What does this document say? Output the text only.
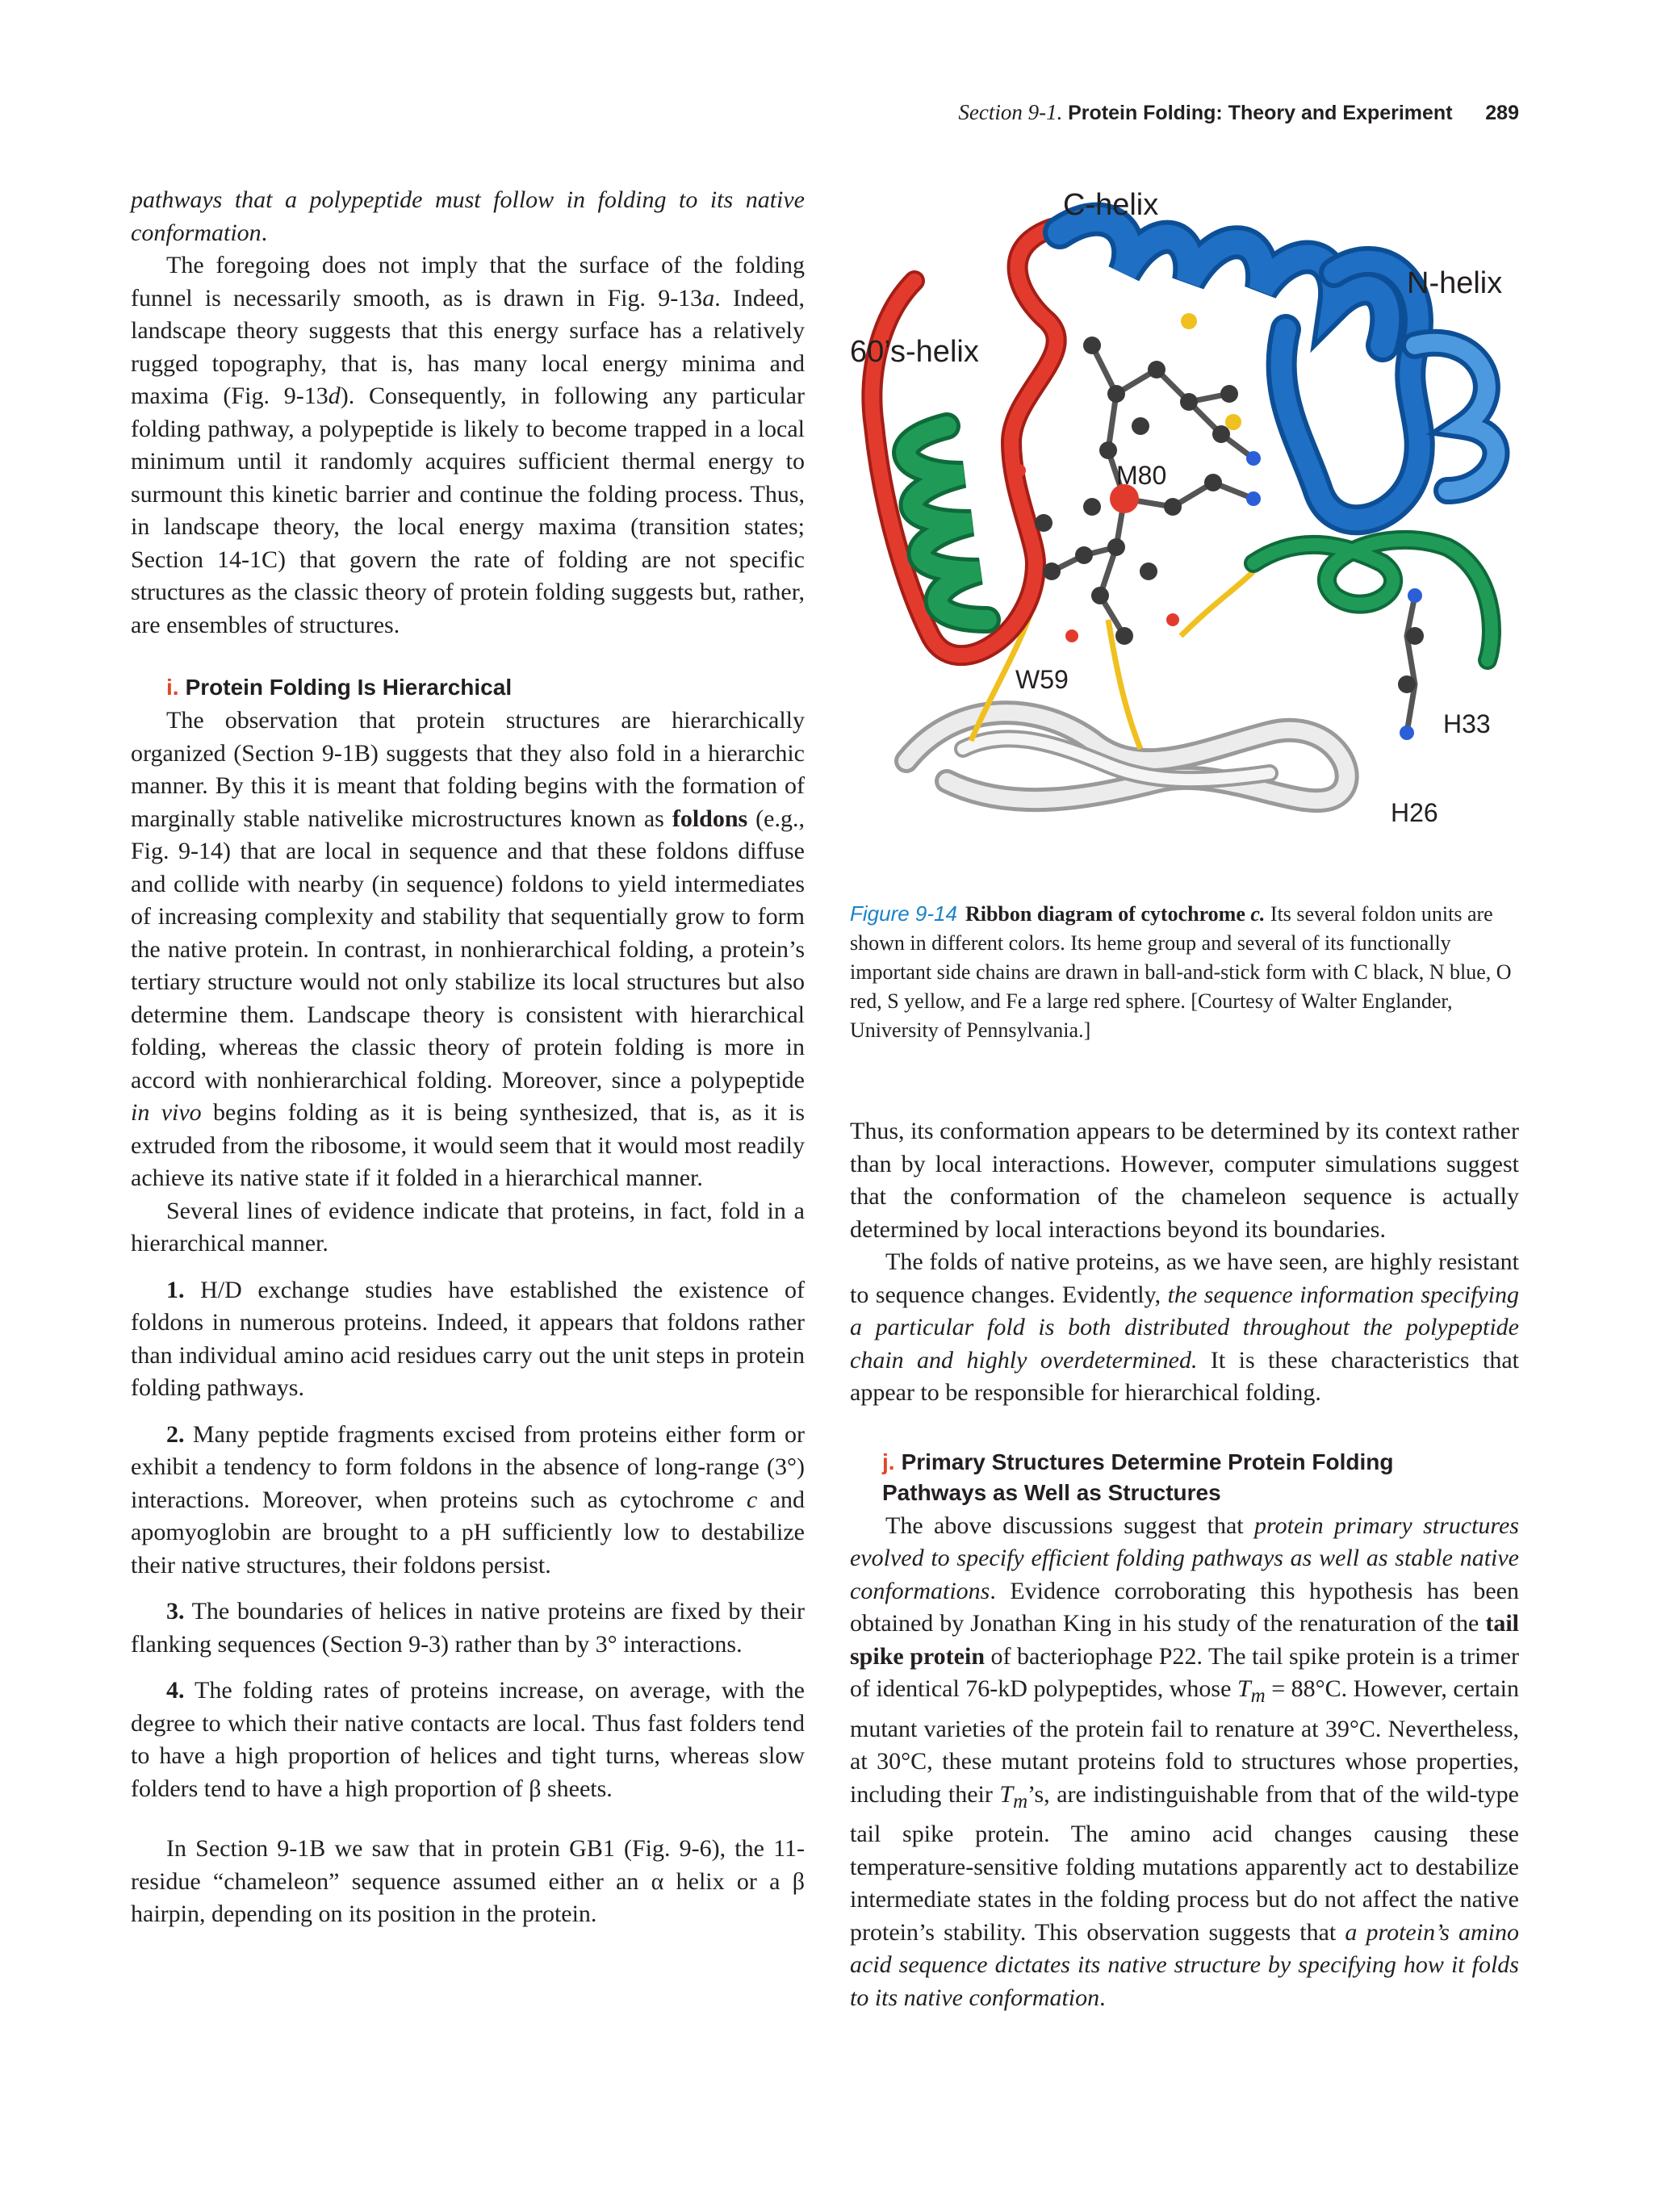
Section 9-1. Protein Folding: Theory and Experiment 289

pathways that a polypeptide must follow in folding to its native conformation.

The foregoing does not imply that the surface of the folding funnel is necessarily smooth, as is drawn in Fig. 9-13a. Indeed, landscape theory suggests that this energy surface has a relatively rugged topography, that is, has many local energy minima and maxima (Fig. 9-13d). Consequently, in following any particular folding pathway, a polypeptide is likely to become trapped in a local minimum until it randomly acquires sufficient thermal energy to surmount this kinetic barrier and continue the folding process. Thus, in landscape theory, the local energy maxima (transition states; Section 14-1C) that govern the rate of folding are not specific structures as the classic theory of protein folding suggests but, rather, are ensembles of structures.

i. Protein Folding Is Hierarchical

The observation that protein structures are hierarchically organized (Section 9-1B) suggests that they also fold in a hierarchic manner. By this it is meant that folding begins with the formation of marginally stable nativelike microstructures known as foldons (e.g., Fig. 9-14) that are local in sequence and that these foldons diffuse and collide with nearby (in sequence) foldons to yield intermediates of increasing complexity and stability that sequentially grow to form the native protein. In contrast, in nonhierarchical folding, a protein’s tertiary structure would not only stabilize its local structures but also determine them. Landscape theory is consistent with hierarchical folding, whereas the classic theory of protein folding is more in accord with nonhierarchical folding. Moreover, since a polypeptide in vivo begins folding as it is being synthesized, that is, as it is extruded from the ribosome, it would seem that it would most readily achieve its native state if it folded in a hierarchical manner.

Several lines of evidence indicate that proteins, in fact, fold in a hierarchical manner.

1. H/D exchange studies have established the existence of foldons in numerous proteins. Indeed, it appears that foldons rather than individual amino acid residues carry out the unit steps in protein folding pathways.

2. Many peptide fragments excised from proteins either form or exhibit a tendency to form foldons in the absence of long-range (3°) interactions. Moreover, when proteins such as cytochrome c and apomyoglobin are brought to a pH sufficiently low to destabilize their native structures, their foldons persist.

3. The boundaries of helices in native proteins are fixed by their flanking sequences (Section 9-3) rather than by 3° interactions.

4. The folding rates of proteins increase, on average, with the degree to which their native contacts are local. Thus fast folders tend to have a high proportion of helices and tight turns, whereas slow folders tend to have a high proportion of β sheets.

In Section 9-1B we saw that in protein GB1 (Fig. 9-6), the 11-residue “chameleon” sequence assumed either an α helix or a β hairpin, depending on its position in the protein.

C-helix
N-helix
60’s-helix
M80
W59
H33
H26
Figure 9-14 Ribbon diagram of cytochrome c. Its several foldon units are shown in different colors. Its heme group and several of its functionally important side chains are drawn in ball-and-stick form with C black, N blue, O red, S yellow, and Fe a large red sphere. [Courtesy of Walter Englander, University of Pennsylvania.]

Thus, its conformation appears to be determined by its context rather than by local interactions. However, computer simulations suggest that the conformation of the chameleon sequence is actually determined by local interactions beyond its boundaries.

The folds of native proteins, as we have seen, are highly resistant to sequence changes. Evidently, the sequence information specifying a particular fold is both distributed throughout the polypeptide chain and highly overdetermined. It is these characteristics that appear to be responsible for hierarchical folding.

j. Primary Structures Determine Protein Folding
Pathways as Well as Structures

The above discussions suggest that protein primary structures evolved to specify efficient folding pathways as well as stable native conformations. Evidence corroborating this hypothesis has been obtained by Jonathan King in his study of the renaturation of the tail spike protein of bacteriophage P22. The tail spike protein is a trimer of identical 76-kD polypeptides, whose $T_m = 88^\circ C$. However, certain mutant varieties of the protein fail to renature at 39°C. Nevertheless, at 30°C, these mutant proteins fold to structures whose properties, including their $T_m’s$, are indistinguishable from that of the wild-type tail spike protein. The amino acid changes causing these temperature-sensitive folding mutations apparently act to destabilize intermediate states in the folding process but do not affect the native protein’s stability. This observation suggests that a protein’s amino acid sequence dictates its native structure by specifying how it folds to its native conformation.
